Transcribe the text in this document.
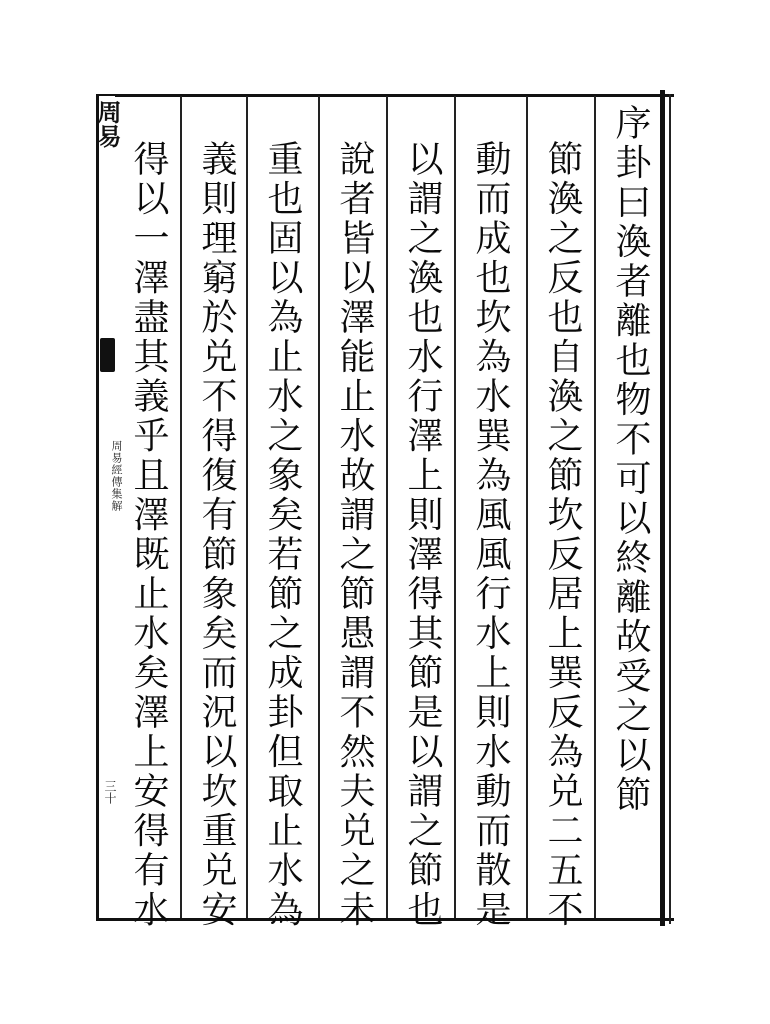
周易
周易經傳集解
三十	序卦曰渙者離也物不可以終離故受之以節
節渙之反也自渙之節坎反居上巽反為兑二五不
動而成也坎為水巽為風風行水上則水動而散是
以謂之渙也水行澤上則澤得其節是以謂之節也
說者皆以澤能止水故謂之節愚謂不然夫兑之未
重也固以為止水之象矣若節之成卦但取止水為
義則理窮於兑不得復有節象矣而況以坎重兑安
得以一澤盡其義乎且澤既止水矣澤上安得有水
